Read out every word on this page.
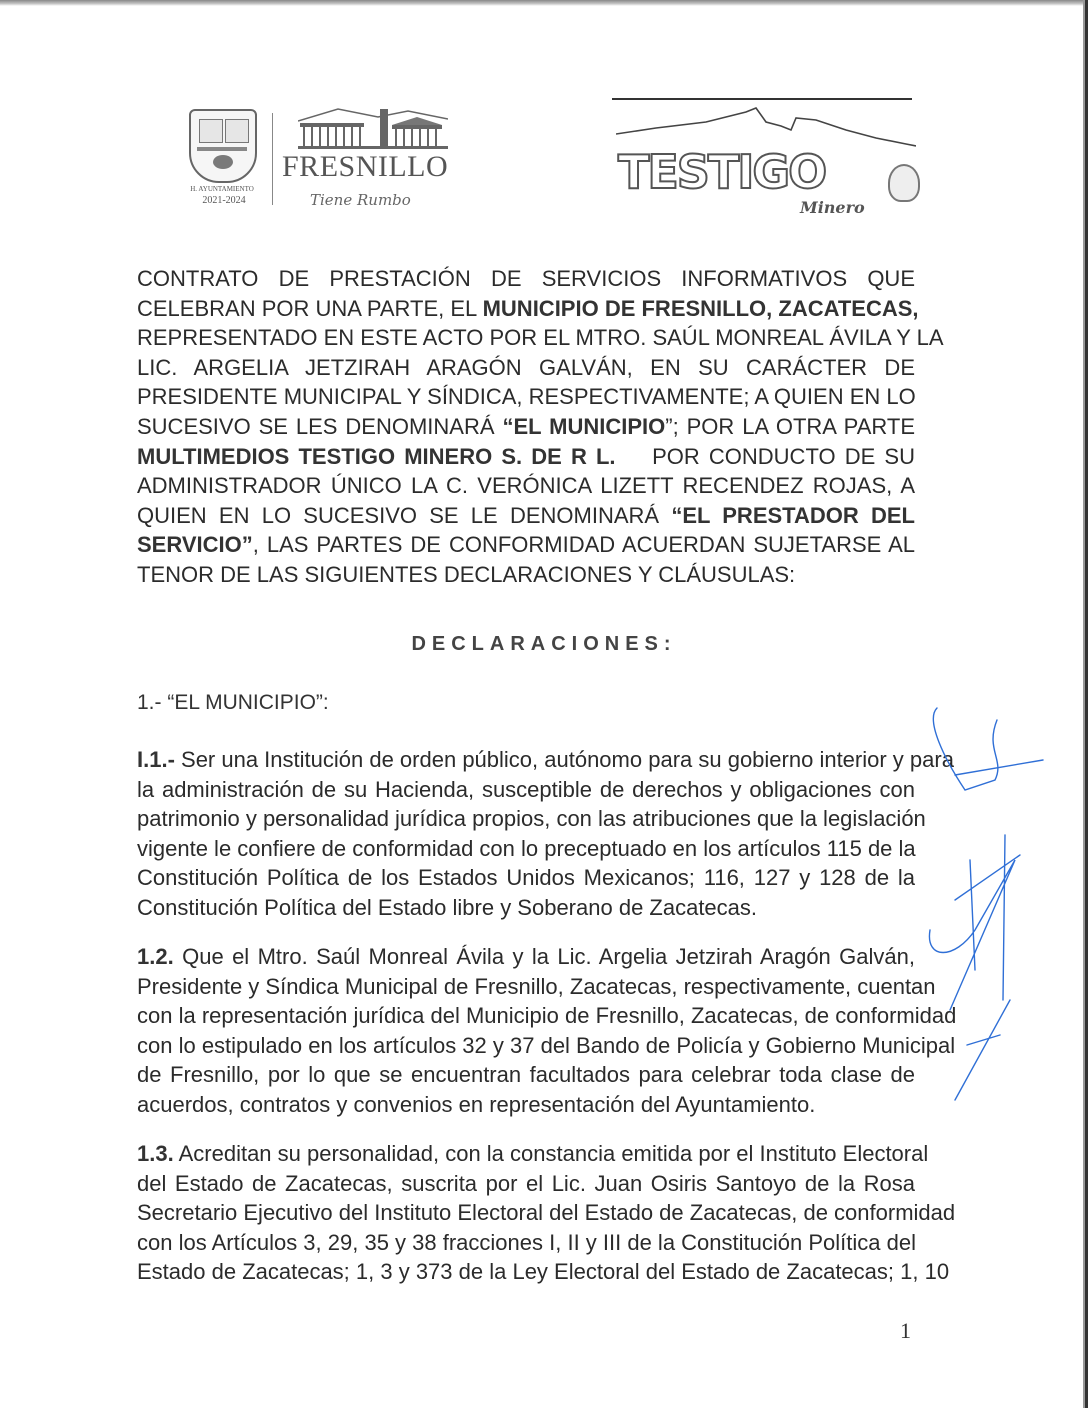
H. AYUNTAMIENTO
2021-2024
FRESNILLO
Tiene Rumbo
TESTIGO
Minero
CONTRATO DE PRESTACIÓN DE SERVICIOS INFORMATIVOS QUE
CELEBRAN POR UNA PARTE, EL MUNICIPIO DE FRESNILLO, ZACATECAS,
REPRESENTADO EN ESTE ACTO POR EL MTRO. SAÚL MONREAL ÁVILA Y LA
LIC. ARGELIA JETZIRAH ARAGÓN GALVÁN, EN SU CARÁCTER DE
PRESIDENTE MUNICIPAL Y SÍNDICA, RESPECTIVAMENTE; A QUIEN EN LO
SUCESIVO SE LES DENOMINARÁ “EL MUNICIPIO”; POR LA OTRA PARTE
MULTIMEDIOS TESTIGO MINERO S. DE R L.    POR CONDUCTO DE SU
ADMINISTRADOR ÚNICO LA C. VERÓNICA LIZETT RECENDEZ ROJAS, A
QUIEN EN LO SUCESIVO SE LE DENOMINARÁ “EL PRESTADOR DEL
SERVICIO”, LAS PARTES DE CONFORMIDAD ACUERDAN SUJETARSE AL
TENOR DE LAS SIGUIENTES DECLARACIONES Y CLÁUSULAS:
DECLARACIONES:
1.- “EL MUNICIPIO”:
I.1.- Ser una Institución de orden público, autónomo para su gobierno interior y para
la administración de su Hacienda, susceptible de derechos y obligaciones con
patrimonio y personalidad jurídica propios, con las atribuciones que la legislación
vigente le confiere de conformidad con lo preceptuado en los artículos 115 de la
Constitución Política de los Estados Unidos Mexicanos; 116, 127 y 128 de la
Constitución Política del Estado libre y Soberano de Zacatecas.
1.2. Que el Mtro. Saúl Monreal Ávila y la Lic. Argelia Jetzirah Aragón Galván,
Presidente y Síndica Municipal de Fresnillo, Zacatecas, respectivamente, cuentan
con la representación jurídica del Municipio de Fresnillo, Zacatecas, de conformidad
con lo estipulado en los artículos 32 y 37 del Bando de Policía y Gobierno Municipal
de Fresnillo, por lo que se encuentran facultados para celebrar toda clase de
acuerdos, contratos y convenios en representación del Ayuntamiento.
1.3. Acreditan su personalidad, con la constancia emitida por el Instituto Electoral
del Estado de Zacatecas, suscrita por el Lic. Juan Osiris Santoyo de la Rosa
Secretario Ejecutivo del Instituto Electoral del Estado de Zacatecas, de conformidad
con los Artículos 3, 29, 35 y 38 fracciones I, II y III de la Constitución Política del
Estado de Zacatecas; 1, 3 y 373 de la Ley Electoral del Estado de Zacatecas; 1, 10
1
